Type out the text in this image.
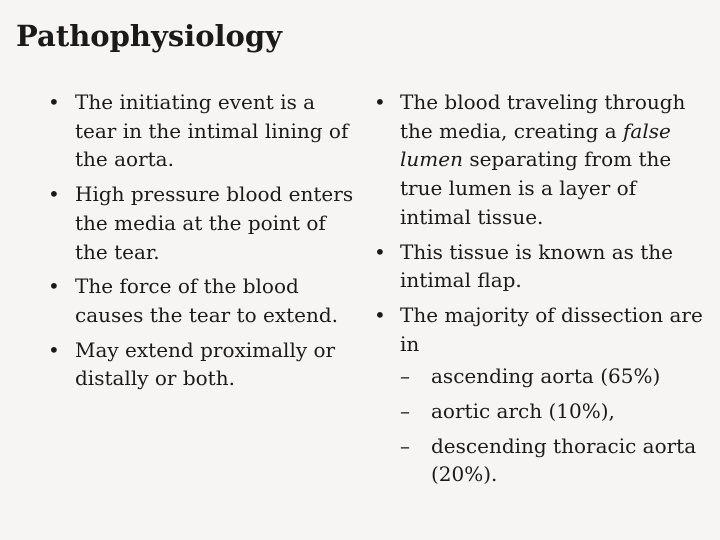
Pathophysiology
• The initiating event is a tear in the intimal lining of the aorta.
• High pressure blood enters the media at the point of the tear.
• The force of the blood causes the tear to extend.
• May extend proximally or distally or both.
• The blood traveling through the media, creating a false lumen separating from the true lumen is a layer of intimal tissue.
• This tissue is known as the intimal flap.
• The majority of dissection are in
– ascending aorta (65%)
– aortic arch (10%),
– descending thoracic aorta (20%).
